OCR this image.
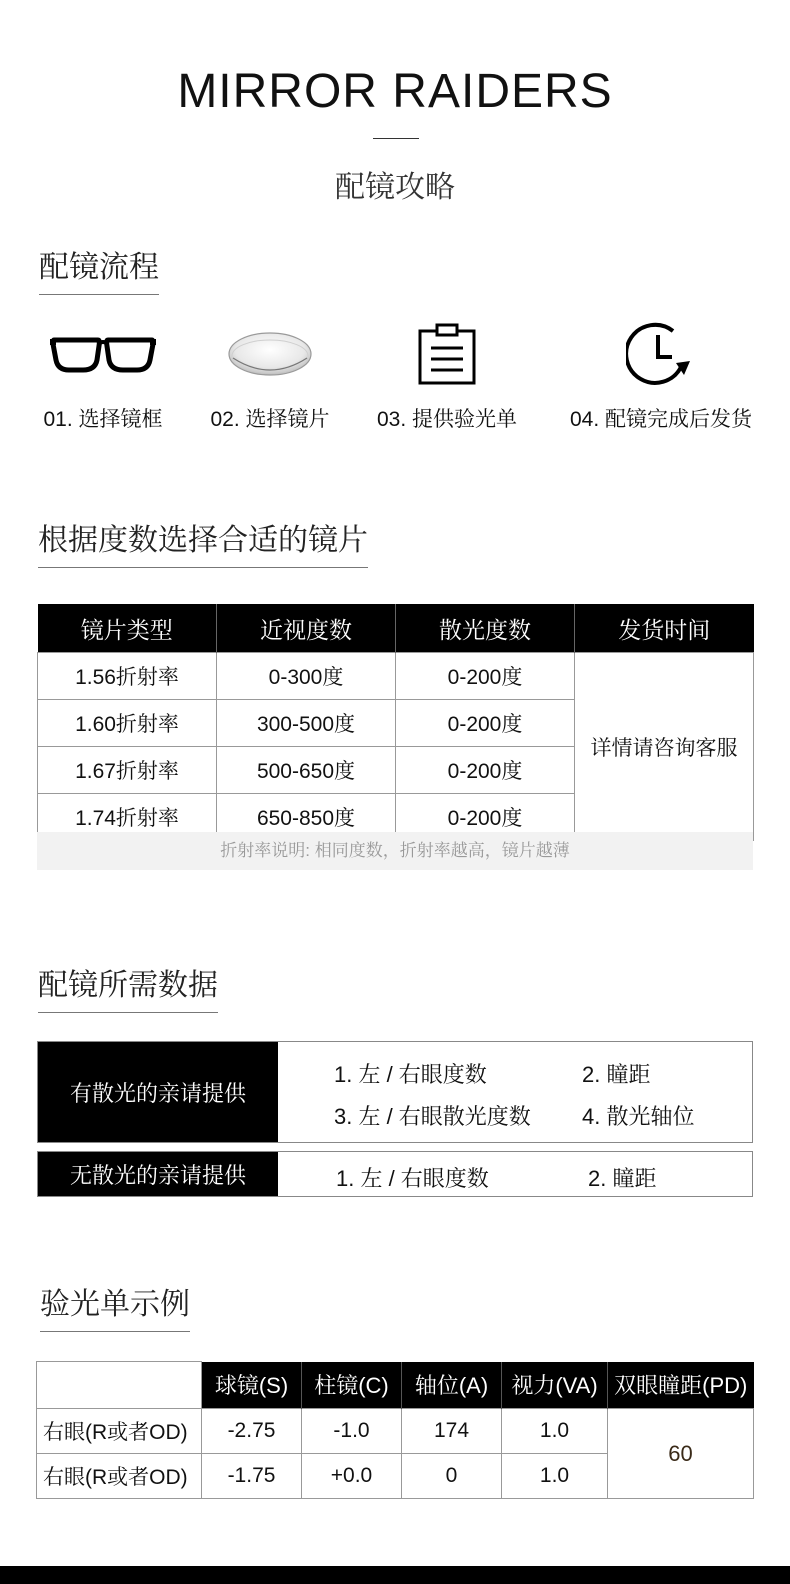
MIRROR RAIDERS
配镜攻略
配镜流程
01. 选择镜框	02. 选择镜片	03. 提供验光单	04. 配镜完成后发货
根据度数选择合适的镜片
镜片类型	近视度数	散光度数	发货时间
1.56折射率	0-300度	0-200度	详情请咨询客服
1.60折射率	300-500度	0-200度	
1.67折射率	500-650度	0-200度	
1.74折射率	650-850度	0-200度	
折射率说明: 相同度数，折射率越高，镜片越薄
配镜所需数据
有散光的亲请提供
1. 左 / 右眼度数	2. 瞳距
3. 左 / 右眼散光度数 4. 散光轴位
无散光的亲请提供	1. 左 / 右眼度数	2. 瞳距
验光单示例
	球镜(S)	柱镜(C)	轴位(A)	视力(VA)	双眼瞳距(PD)
右眼(R或者OD)	-2.75	-1.0	174	1.0	60
右眼(R或者OD)	-1.75	+0.0	0	1.0	
